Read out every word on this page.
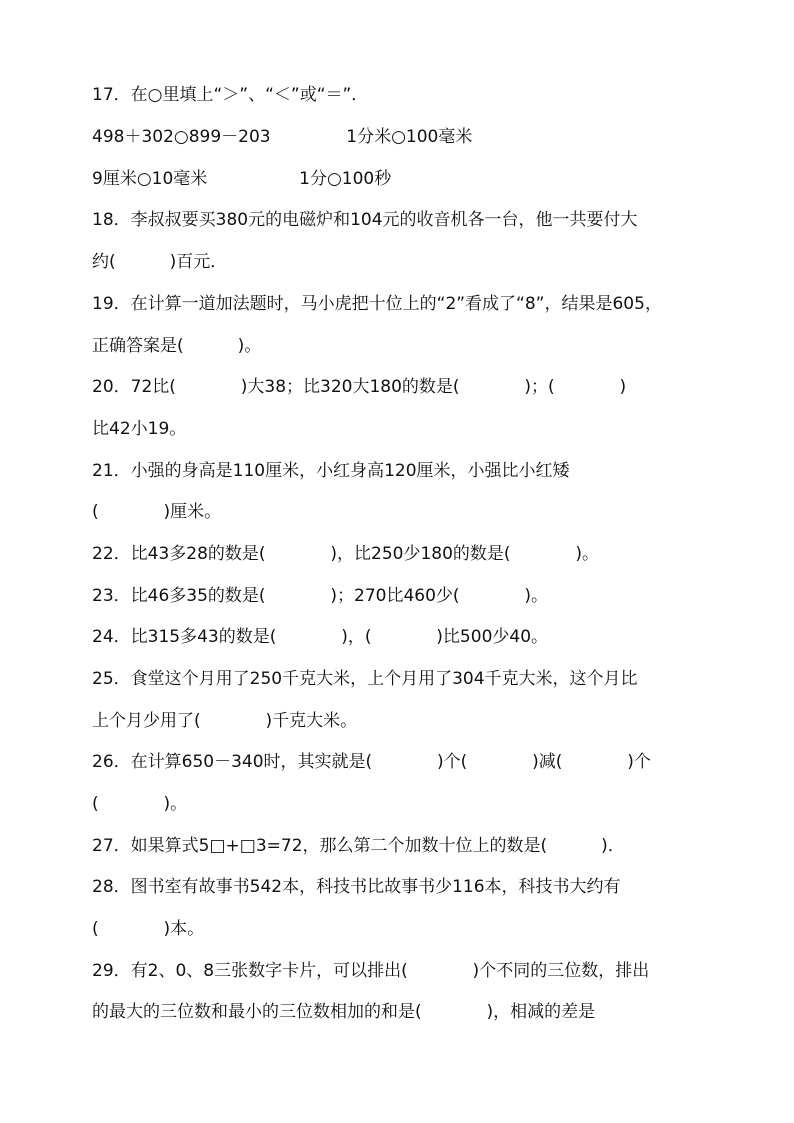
17．在○里填上“＞”、“＜”或“＝”．
498＋302○899－203              1分米○100毫米
9厘米○10毫米                 1分○100秒
18．李叔叔要买380元的电磁炉和104元的收音机各一台，他一共要付大
约(          )百元．
19．在计算一道加法题时，马小虎把十位上的“2”看成了“8”，结果是605，
正确答案是(          )。
20．72比(            )大38；比320大180的数是(            )；(            )
比42小19。
21．小强的身高是110厘米，小红身高120厘米，小强比小红矮
(            )厘米。
22．比43多28的数是(            )，比250少180的数是(            )。
23．比46多35的数是(            )；270比460少(            )。
24．比315多43的数是(            )，(            )比500少40。
25．食堂这个月用了250千克大米，上个月用了304千克大米，这个月比
上个月少用了(            )千克大米。
26．在计算650－340时，其实就是(            )个(            )减(            )个
(            )。
27．如果算式5□+□3=72，那么第二个加数十位上的数是(          )．
28．图书室有故事书542本，科技书比故事书少116本，科技书大约有
(            )本。
29．有2、0、8三张数字卡片，可以排出(            )个不同的三位数，排出
的最大的三位数和最小的三位数相加的和是(            )，相减的差是
